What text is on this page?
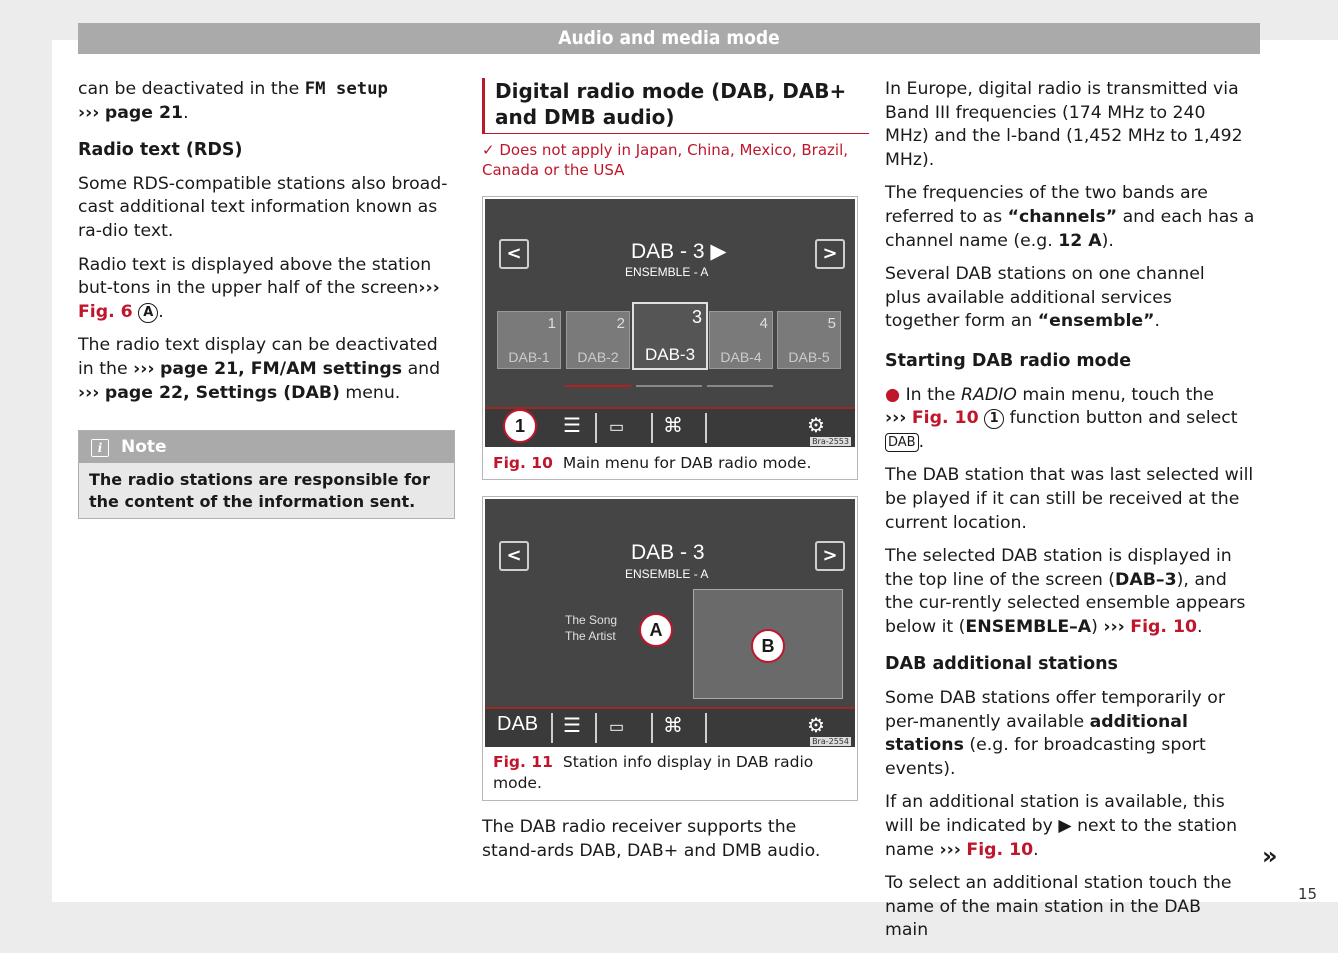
Audio and media mode

can be deactivated in the FM setup
››› page 21.

Radio text (RDS)

Some RDS-compatible stations also broad-cast additional text information known as ra-dio text.

Radio text is displayed above the station but-tons in the upper half of the screen››› Fig. 6 A .

The radio text display can be deactivated in the ››› page 21, FM/AM settings and
››› page 22, Settings (DAB) menu.

i Note
The radio stations are responsible for the content of the information sent.
Digital radio mode (DAB, DAB+ and DMB audio)
✓ Does not apply in Japan, China, Mexico, Brazil, Canada or the USA
<	>
DAB - 3 ▶
ENSEMBLE - A
1
DAB-1
2
DAB-2
3
DAB-3
4
DAB-4
5
DAB-5
☰ ▭ ⌘	⚙
1
Bra-2553
Fig. 10 Main menu for DAB radio mode.
<	>
DAB - 3
ENSEMBLE - A
The Song
The Artist	A
B
DAB ☰ ▭ ⌘	⚙
Bra-2554
Fig. 11 Station info display in DAB radio mode.
The DAB radio receiver supports the stand-ards DAB, DAB+ and DMB audio.

In Europe, digital radio is transmitted via Band III frequencies (174 MHz to 240 MHz) and the l-band (1,452 MHz to 1,492 MHz).

The frequencies of the two bands are referred to as “channels” and each has a channel name (e.g. 12 A).

Several DAB stations on one channel plus available additional services together form an “ensemble”.

Starting DAB radio mode

● In the RADIO main menu, touch the
››› Fig. 10 1 function button and select DAB .

The DAB station that was last selected will be played if it can still be received at the current location.

The selected DAB station is displayed in the top line of the screen (DAB–3), and the cur-rently selected ensemble appears below it (ENSEMBLE–A) ››› Fig. 10.

DAB additional stations

Some DAB stations offer temporarily or per-manently available additional stations (e.g. for broadcasting sport events).

If an additional station is available, this will be indicated by ▶ next to the station name ››› Fig. 10.

To select an additional station touch the name of the main station in the DAB main

»
15
